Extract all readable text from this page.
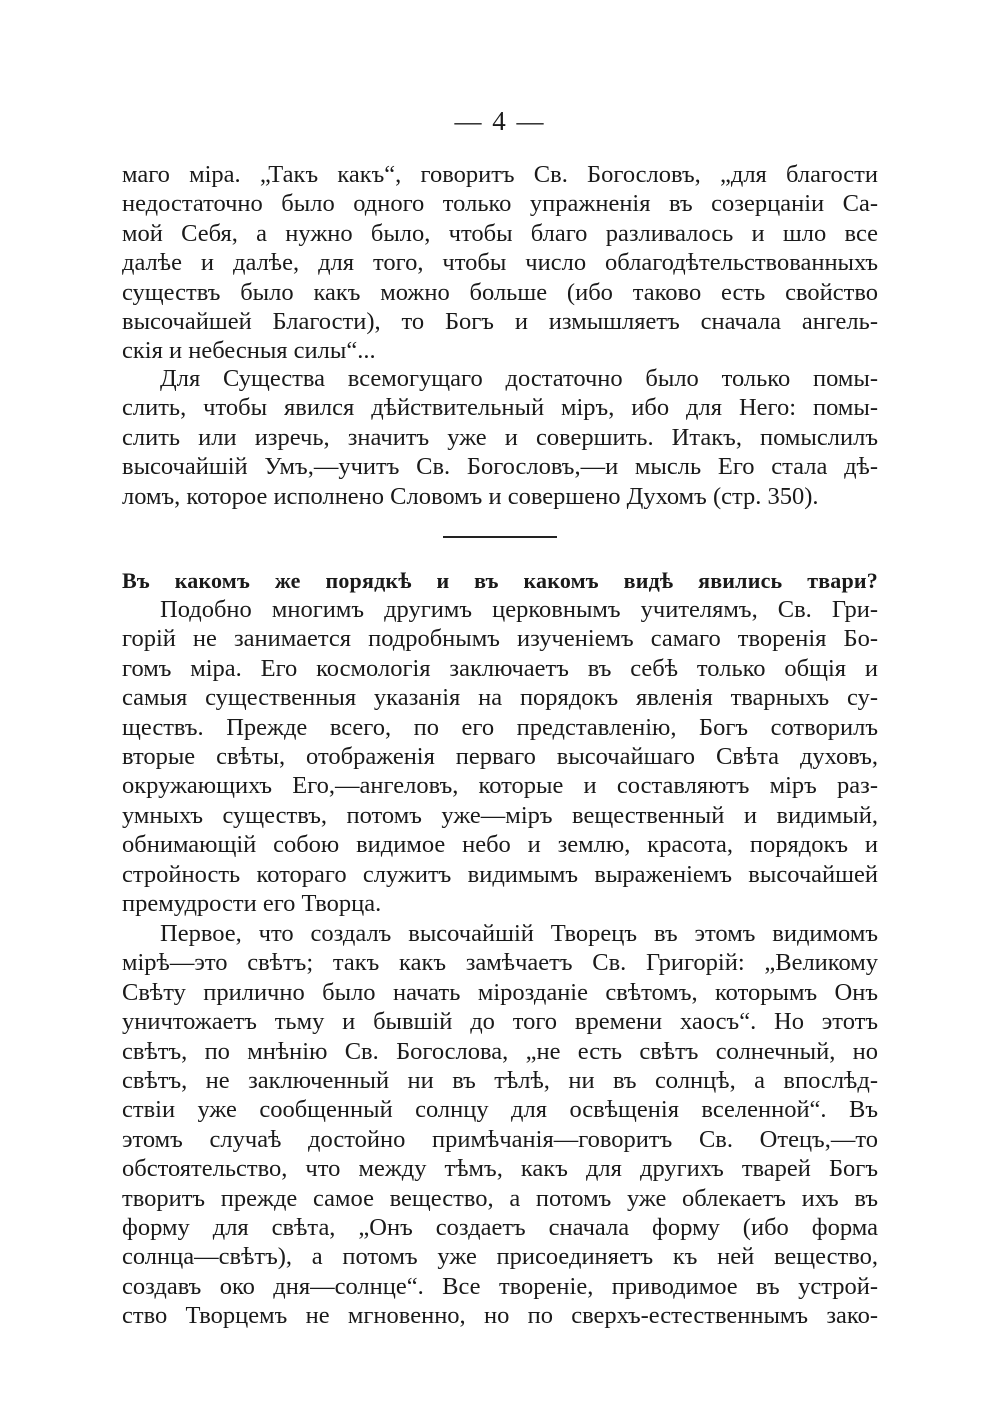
— 4 —
маго міра. „Такъ какъ“, говоритъ Св. Богословъ, „для благости
недостаточно было одного только упражненія въ созерцаніи Са-
мой Себя, а нужно было, чтобы благо разливалось и шло все
далѣе и далѣе, для того, чтобы число облагодѣтельствованныхъ
существъ было какъ можно больше (ибо таково есть свойство
высочайшей Благости), то Богъ и измышляетъ сначала ангель-
скія и небесныя силы“...
Для Существа всемогущаго достаточно было только помы-
слить, чтобы явился дѣйствительный міръ, ибо для Него: помы-
слить или изречь, значитъ уже и совершить. Итакъ, помыслилъ
высочайшій Умъ,—учитъ Св. Богословъ,—и мысль Его стала дѣ-
ломъ, которое исполнено Словомъ и совершено Духомъ (стр. 350).
Въ какомъ же порядкѣ и въ какомъ видѣ явились твари?
Подобно многимъ другимъ церковнымъ учителямъ, Св. Гри-
горій не занимается подробнымъ изученіемъ самаго творенія Бо-
гомъ міра. Его космологія заключаетъ въ себѣ только общія и
самыя существенныя указанія на порядокъ явленія тварныхъ су-
ществъ. Прежде всего, по его представленію, Богъ сотворилъ
вторые свѣты, отображенія перваго высочайшаго Свѣта духовъ,
окружающихъ Его,—ангеловъ, которые и составляютъ міръ раз-
умныхъ существъ, потомъ уже—міръ вещественный и видимый,
обнимающій собою видимое небо и землю, красота, порядокъ и
стройность котораго служитъ видимымъ выраженіемъ высочайшей
премудрости его Творца.
Первое, что создалъ высочайшій Творецъ въ этомъ видимомъ
мірѣ—это свѣтъ; такъ какъ замѣчаетъ Св. Григорій: „Великому
Свѣту прилично было начать мірозданіе свѣтомъ, которымъ Онъ
уничтожаетъ тьму и бывшій до того времени хаосъ“. Но этотъ
свѣтъ, по мнѣнію Св. Богослова, „не есть свѣтъ солнечный, но
свѣтъ, не заключенный ни въ тѣлѣ, ни въ солнцѣ, а впослѣд-
ствіи уже сообщенный солнцу для освѣщенія вселенной“. Въ
этомъ случаѣ достойно примѣчанія—говоритъ Св. Отецъ,—то
обстоятельство, что между тѣмъ, какъ для другихъ тварей Богъ
творитъ прежде самое вещество, а потомъ уже облекаетъ ихъ въ
форму для свѣта, „Онъ создаетъ сначала форму (ибо форма
солнца—свѣтъ), а потомъ уже присоединяетъ къ ней вещество,
создавъ око дня—солнце“. Все твореніе, приводимое въ устрой-
ство Творцемъ не мгновенно, но по сверхъ-естественнымъ зако-
